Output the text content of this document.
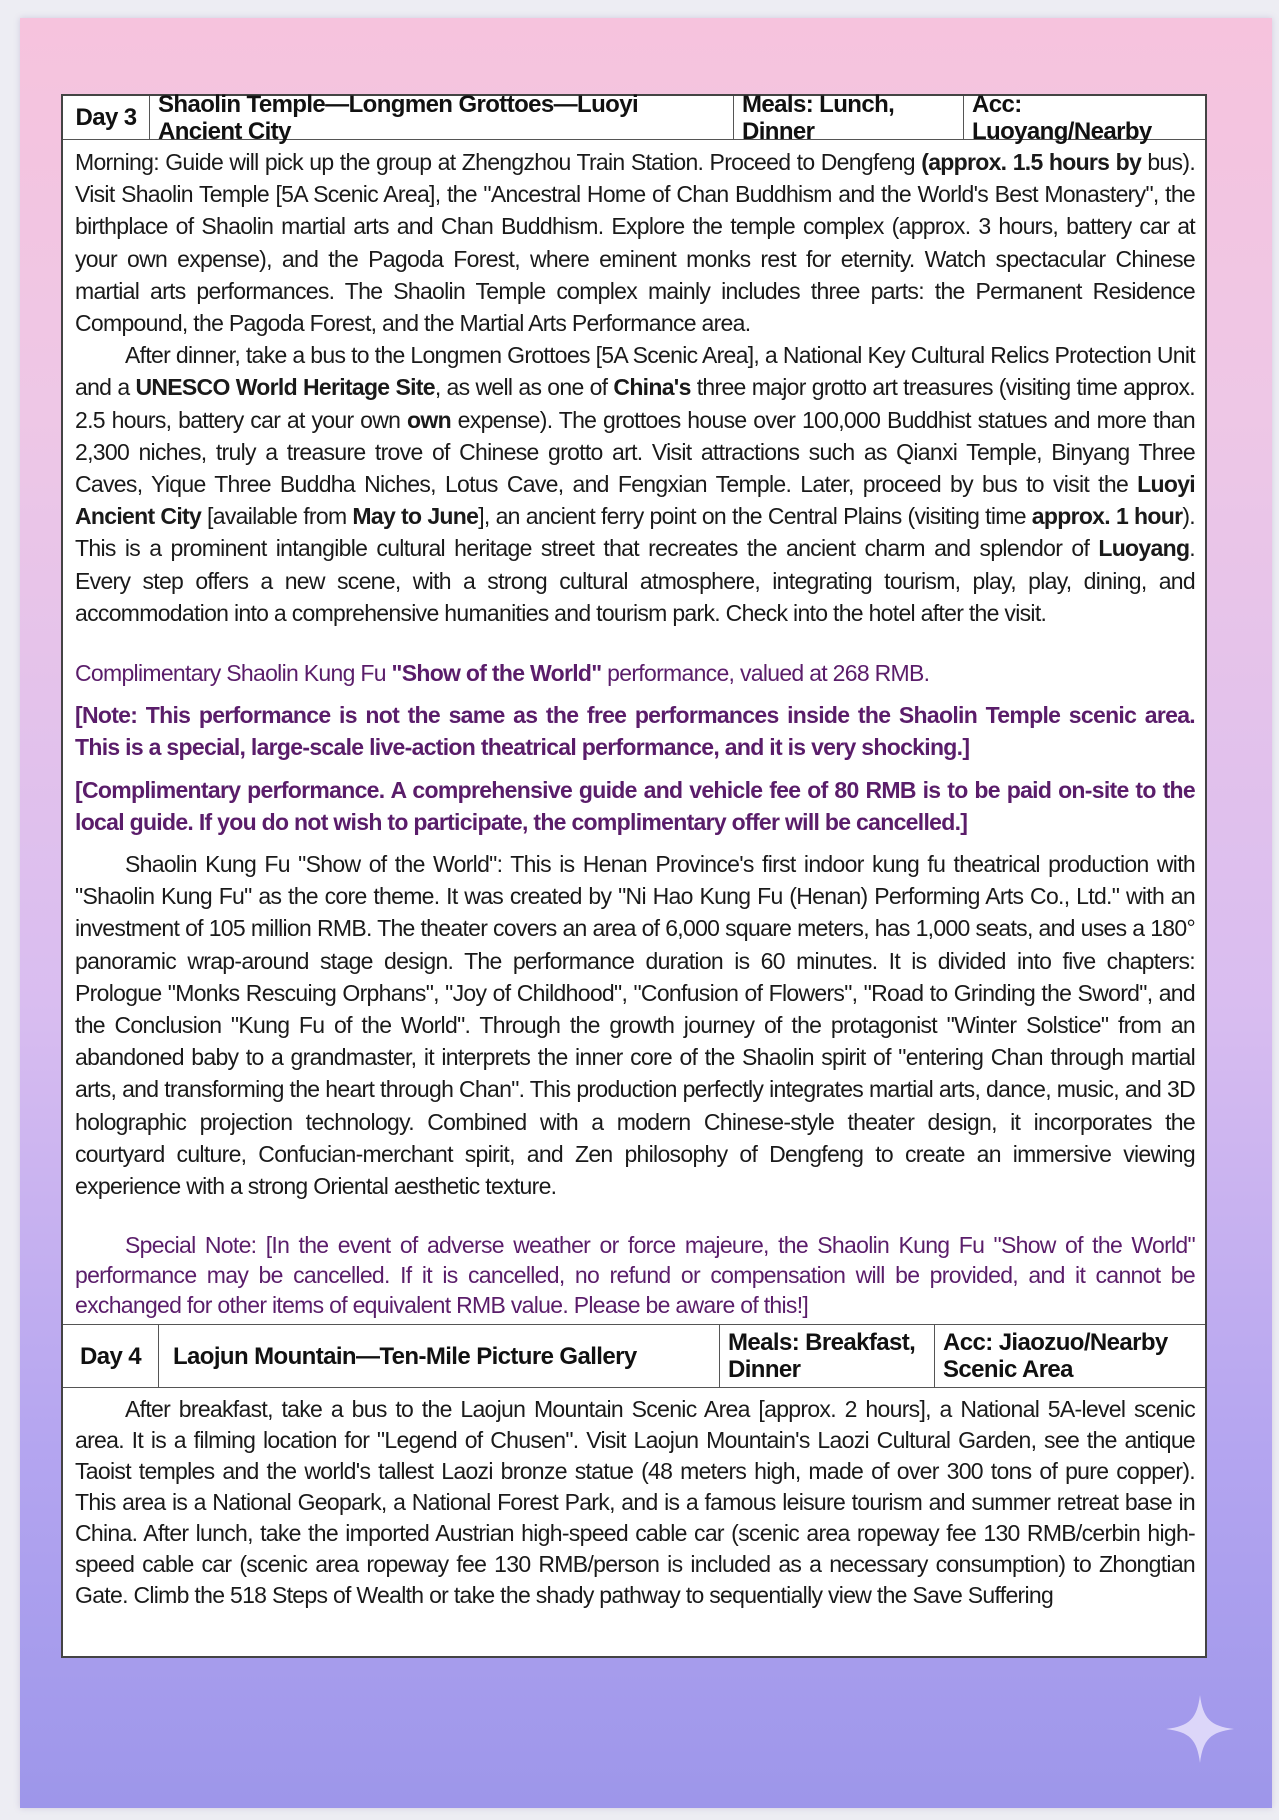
Day 3 Shaolin Temple—Longmen Grottoes—Luoyi Ancient City
Meals: Lunch, Dinner
Acc: Luoyang/Nearby

Morning: Guide will pick up the group at Zhengzhou Train Station. Proceed to Dengfeng (approx. 1.5 hours by bus). Visit Shaolin Temple [5A Scenic Area], the "Ancestral Home of Chan Buddhism and the World's Best Monastery", the birthplace of Shaolin martial arts and Chan Buddhism. Explore the temple complex (approx. 3 hours, battery car at your own expense), and the Pagoda Forest, where eminent monks rest for eternity. Watch spectacular Chinese martial arts performances. The Shaolin Temple complex mainly includes three parts: the Permanent Residence Compound, the Pagoda Forest, and the Martial Arts Performance area.

After dinner, take a bus to the Longmen Grottoes [5A Scenic Area], a National Key Cultural Relics Protection Unit and a UNESCO World Heritage Site, as well as one of China's three major grotto art treasures (visiting time approx. 2.5 hours, battery car at your own own expense). The grottoes house over 100,000 Buddhist statues and more than 2,300 niches, truly a treasure trove of Chinese grotto art. Visit attractions such as Qianxi Temple, Binyang Three Caves, Yique Three Buddha Niches, Lotus Cave, and Fengxian Temple. Later, proceed by bus to visit the Luoyi Ancient City [available from May to June], an ancient ferry point on the Central Plains (visiting time approx. 1 hour). This is a prominent intangible cultural heritage street that recreates the ancient charm and splendor of Luoyang. Every step offers a new scene, with a strong cultural atmosphere, integrating tourism, play, play, dining, and accommodation into a comprehensive humanities and tourism park. Check into the hotel after the visit.

Complimentary Shaolin Kung Fu "Show of the World" performance, valued at 268 RMB.

[Note: This performance is not the same as the free performances inside the Shaolin Temple scenic area. This is a special, large-scale live-action theatrical performance, and it is very shocking.]

[Complimentary performance. A comprehensive guide and vehicle fee of 80 RMB is to be paid on-site to the local guide. If you do not wish to participate, the complimentary offer will be cancelled.]

Shaolin Kung Fu "Show of the World": This is Henan Province's first indoor kung fu theatrical production with "Shaolin Kung Fu" as the core theme. It was created by "Ni Hao Kung Fu (Henan) Performing Arts Co., Ltd." with an investment of 105 million RMB. The theater covers an area of 6,000 square meters, has 1,000 seats, and uses a 180° panoramic wrap-around stage design. The performance duration is 60 minutes. It is divided into five chapters: Prologue "Monks Rescuing Orphans", "Joy of Childhood", "Confusion of Flowers", "Road to Grinding the Sword", and the Conclusion "Kung Fu of the World". Through the growth journey of the protagonist "Winter Solstice" from an abandoned baby to a grandmaster, it interprets the inner core of the Shaolin spirit of "entering Chan through martial arts, and transforming the heart through Chan". This production perfectly integrates martial arts, dance, music, and 3D holographic projection technology. Combined with a modern Chinese-style theater design, it incorporates the courtyard culture, Confucian-merchant spirit, and Zen philosophy of Dengfeng to create an immersive viewing experience with a strong Oriental aesthetic texture.

Special Note: [In the event of adverse weather or force majeure, the Shaolin Kung Fu "Show of the World" performance may be cancelled. If it is cancelled, no refund or compensation will be provided, and it cannot be exchanged for other items of equivalent RMB value. Please be aware of this!]

Day 4	Laojun Mountain—Ten-Mile Picture Gallery	Meals: Breakfast, Dinner
Acc: Jiaozuo/Nearby Scenic Area

After breakfast, take a bus to the Laojun Mountain Scenic Area [approx. 2 hours], a National 5A-level scenic area. It is a filming location for "Legend of Chusen". Visit Laojun Mountain's Laozi Cultural Garden, see the antique Taoist temples and the world's tallest Laozi bronze statue (48 meters high, made of over 300 tons of pure copper). This area is a National Geopark, a National Forest Park, and is a famous leisure tourism and summer retreat base in China. After lunch, take the imported Austrian high-speed cable car (scenic area ropeway fee 130 RMB/cerbin high-speed cable car (scenic area ropeway fee 130 RMB/person is included as a necessary consumption) to Zhongtian Gate. Climb the 518 Steps of Wealth or take the shady pathway to sequentially view the Save Suffering
